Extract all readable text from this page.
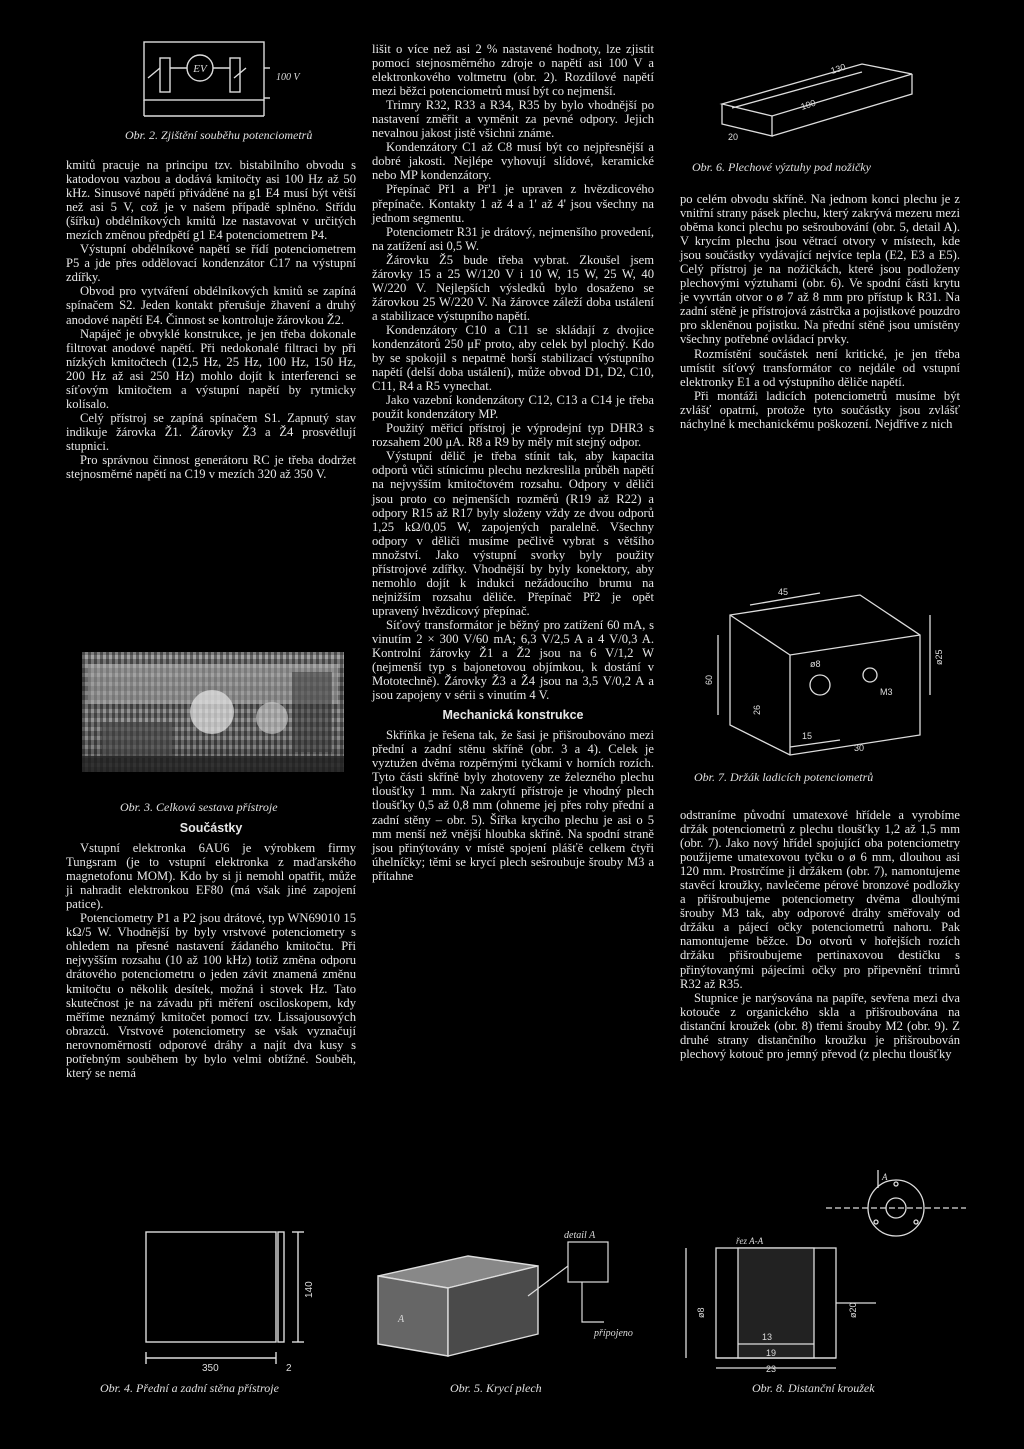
EV
100 V
Obr. 2. Zjištění souběhu potenciometrů

kmitů pracuje na principu tzv. bistabilního obvodu s katodovou vazbou a dodává kmitočty asi 100 Hz až 50 kHz. Sinusové napětí přiváděné na g1 E4 musí být větší než asi 5 V, což je v našem případě splněno. Střídu (šířku) obdélníkových kmitů lze nastavovat v určitých mezích změnou předpětí g1 E4 potenciometrem P4.

Výstupní obdélníkové napětí se řídí potenciometrem P5 a jde přes oddělovací kondenzátor C17 na výstupní zdířky.

Obvod pro vytváření obdélníkových kmitů se zapíná spínačem S2. Jeden kontakt přerušuje žhavení a druhý anodové napětí E4. Činnost se kontroluje žárovkou Ž2.

Napáječ je obvyklé konstrukce, je jen třeba dokonale filtrovat anodové napětí. Při nedokonalé filtraci by při nízkých kmitočtech (12,5 Hz, 25 Hz, 100 Hz, 150 Hz, 200 Hz až asi 250 Hz) mohlo dojít k interferenci se síťovým kmitočtem a výstupní napětí by rytmicky kolísalo.

Celý přístroj se zapíná spínačem S1. Zapnutý stav indikuje žárovka Ž1. Žárovky Ž3 a Ž4 prosvětlují stupnici.

Pro správnou činnost generátoru RC je třeba dodržet stejnosměrné napětí na C19 v mezích 320 až 350 V.

Obr. 3. Celková sestava přístroje
Součástky

Vstupní elektronka 6AU6 je výrobkem firmy Tungsram (je to vstupní elektronka z maďarského magnetofonu MOM). Kdo by si ji nemohl opatřit, může ji nahradit elektronkou EF80 (má však jiné zapojení patice).

Potenciometry P1 a P2 jsou drátové, typ WN69010 15 kΩ/5 W. Vhodnější by byly vrstvové potenciometry s ohledem na přesné nastavení žádaného kmitočtu. Při nejvyšším rozsahu (10 až 100 kHz) totiž změna odporu drátového potenciometru o jeden závit znamená změnu kmitočtu o několik desítek, možná i stovek Hz. Tato skutečnost je na závadu při měření osciloskopem, kdy měříme neznámý kmitočet pomocí tzv. Lissajousových obrazců. Vrstvové potenciometry se však vyznačují nerovnoměrností odporové dráhy a najít dva kusy s potřebným souběhem by bylo velmi obtížné. Souběh, který se nemá

350	2
140
Obr. 4. Přední a zadní stěna přístroje

lišit o více než asi 2 % nastavené hodnoty, lze zjistit pomocí stejnosměrného zdroje o napětí asi 100 V a elektronkového voltmetru (obr. 2). Rozdílové napětí mezi běžci potenciometrů musí být co nejmenší.

Trimry R32, R33 a R34, R35 by bylo vhodnější po nastavení změřit a vyměnit za pevné odpory. Jejich nevalnou jakost jistě všichni známe.

Kondenzátory C1 až C8 musí být co nejpřesnější a dobré jakosti. Nejlépe vyhovují slídové, keramické nebo MP kondenzátory.

Přepínač Př1 a Př'1 je upraven z hvězdicového přepínače. Kontakty 1 až 4 a 1' až 4' jsou všechny na jednom segmentu.

Potenciometr R31 je drátový, nejmenšího provedení, na zatížení asi 0,5 W.

Žárovku Ž5 bude třeba vybrat. Zkoušel jsem žárovky 15 a 25 W/120 V i 10 W, 15 W, 25 W, 40 W/220 V. Nejlepších výsledků bylo dosaženo se žárovkou 25 W/220 V. Na žárovce záleží doba ustálení a stabilizace výstupního napětí.

Kondenzátory C10 a C11 se skládají z dvojice kondenzátorů 250 μF proto, aby celek byl plochý. Kdo by se spokojil s nepatrně horší stabilizací výstupního napětí (delší doba ustálení), může obvod D1, D2, C10, C11, R4 a R5 vynechat.

Jako vazební kondenzátory C12, C13 a C14 je třeba použít kondenzátory MP.

Použitý měřicí přístroj je výprodejní typ DHR3 s rozsahem 200 μA. R8 a R9 by měly mít stejný odpor.

Výstupní dělič je třeba stínit tak, aby kapacita odporů vůči stínicímu plechu nezkreslila průběh napětí na nejvyšším kmitočtovém rozsahu. Odpory v děliči jsou proto co nejmenších rozměrů (R19 až R22) a odpory R15 až R17 byly složeny vždy ze dvou odporů 1,25 kΩ/0,05 W, zapojených paralelně. Všechny odpory v děliči musíme pečlivě vybrat s většího množství. Jako výstupní svorky byly použity přístrojové zdířky. Vhodnější by byly konektory, aby nemohlo dojít k indukci nežádoucího brumu na nejnižším rozsahu děliče. Přepínač Př2 je opět upravený hvězdicový přepínač.

Síťový transformátor je běžný pro zatížení 60 mA, s vinutím 2 × 300 V/60 mA; 6,3 V/2,5 A a 4 V/0,3 A. Kontrolní žárovky Ž1 a Ž2 jsou na 6 V/1,2 W (nejmenší typ s bajonetovou objímkou, k dostání v Mototechně). Žárovky Ž3 a Ž4 jsou na 3,5 V/0,2 A a jsou zapojeny v sérii s vinutím 4 V.

Mechanická konstrukce

Skříňka je řešena tak, že šasi je přišroubováno mezi přední a zadní stěnu skříně (obr. 3 a 4). Celek je vyztužen dvěma rozpěrnými tyčkami v horních rozích. Tyto části skříně byly zhotoveny ze železného plechu tloušťky 1 mm. Na zakrytí přístroje je vhodný plech tloušťky 0,5 až 0,8 mm (ohneme jej přes rohy přední a zadní stěny – obr. 5). Šířka krycího plechu je asi o 5 mm menší než vnější hloubka skříně. Na spodní straně jsou přinýtovány v místě spojení plášťě celkem čtyři úhelníčky; těmi se krycí plech sešroubuje šrouby M3 a přítahne

detail A
přípojeno
A
Obr. 5. Krycí plech
130
100
20
Obr. 6. Plechové výztuhy pod nožičky

po celém obvodu skříně. Na jednom konci plechu je z vnitřní strany pásek plechu, který zakrývá mezeru mezi oběma konci plechu po sešroubování (obr. 5, detail A). V krycím plechu jsou větrací otvory v místech, kde jsou součástky vydávající nejvíce tepla (E2, E3 a E5). Celý přístroj je na nožičkách, které jsou podloženy plechovými výztuhami (obr. 6). Ve spodní části krytu je vyvrtán otvor o ø 7 až 8 mm pro přístup k R31. Na zadní stěně je přístrojová zástrčka a pojistkové pouzdro pro skleněnou pojistku. Na přední stěně jsou umístěny všechny potřebné ovládací prvky.

Rozmístění součástek není kritické, je jen třeba umístit síťový transformátor co nejdále od vstupní elektronky E1 a od výstupního děliče napětí.

Při montáži ladicích potenciometrů musíme být zvlášť opatrní, protože tyto součástky jsou zvlášť náchylné k mechanickému poškození. Nejdříve z nich

45
ø25
ø8
M3
60
26
15
30
Obr. 7. Držák ladicích potenciometrů

odstraníme původní umatexové hřídele a vyrobíme držák potenciometrů z plechu tloušťky 1,2 až 1,5 mm (obr. 7). Jako nový hřídel spojující oba potenciometry použijeme umatexovou tyčku o ø 6 mm, dlouhou asi 120 mm. Prostrčíme ji držákem (obr. 7), namontujeme stavěcí kroužky, navlečeme pérové bronzové podložky a přišroubujeme potenciometry dvěma dlouhými šrouby M3 tak, aby odporové dráhy směřovaly od držáku a pájecí očky potenciometrů nahoru. Pak namontujeme běžce. Do otvorů v hořejších rozích držáku přišroubujeme pertinaxovou destičku s přinýtovanými pájecími očky pro připevnění trimrů R32 až R35.

Stupnice je narýsována na papíře, sevřena mezi dva kotouče z organického skla a přišroubována na distanční kroužek (obr. 8) třemi šrouby M2 (obr. 9). Z druhé strany distančního kroužku je přišroubován plechový kotouč pro jemný převod (z plechu tloušťky

řez A-A
ø8	ø20
13
19
23
A
Obr. 8. Distanční kroužek
